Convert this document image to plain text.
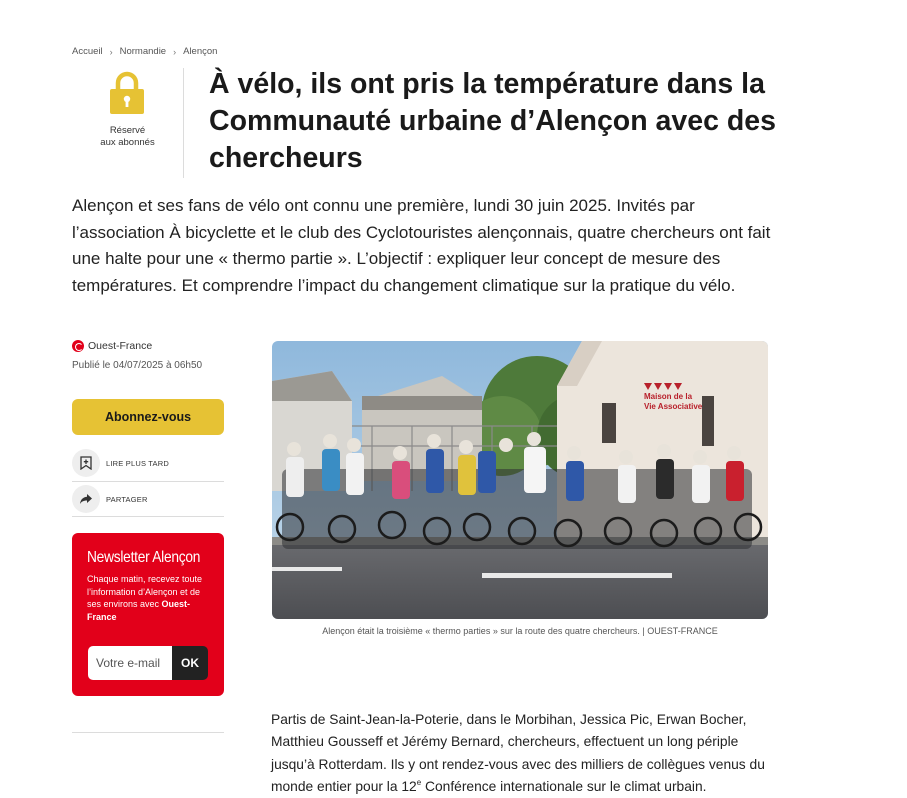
Accueil › Normandie › Alençon
Réservé
aux abonnés
À vélo, ils ont pris la température dans la Communauté urbaine d’Alençon avec des chercheurs

Alençon et ses fans de vélo ont connu une première, lundi 30 juin 2025. Invités par l’association À bicyclette et le club des Cyclotouristes alençonnais, quatre chercheurs ont fait une halte pour une « thermo partie ». L’objectif : expliquer leur concept de mesure des températures. Et comprendre l’impact du changement climatique sur la pratique du vélo.

Ouest-France
Publié le 04/07/2025 à 06h50
Abonnez-vous
LIRE PLUS TARD
PARTAGER
Newsletter Alençon

Chaque matin, recevez toute l’information d’Alençon et de ses environs avec Ouest-France

Votre e-mail
OK
Maison de la
Vie Associative
Alençon était la troisième « thermo parties » sur la route des quatre chercheurs. | OUEST-FRANCE

Partis de Saint-Jean-la-Poterie, dans le Morbihan, Jessica Pic, Erwan Bocher, Matthieu Gousseff et Jérémy Bernard, chercheurs, effectuent un long périple jusqu’à Rotterdam. Ils y ont rendez-vous avec des milliers de collègues venus du monde entier pour la 12e Conférence internationale sur le climat urbain.
